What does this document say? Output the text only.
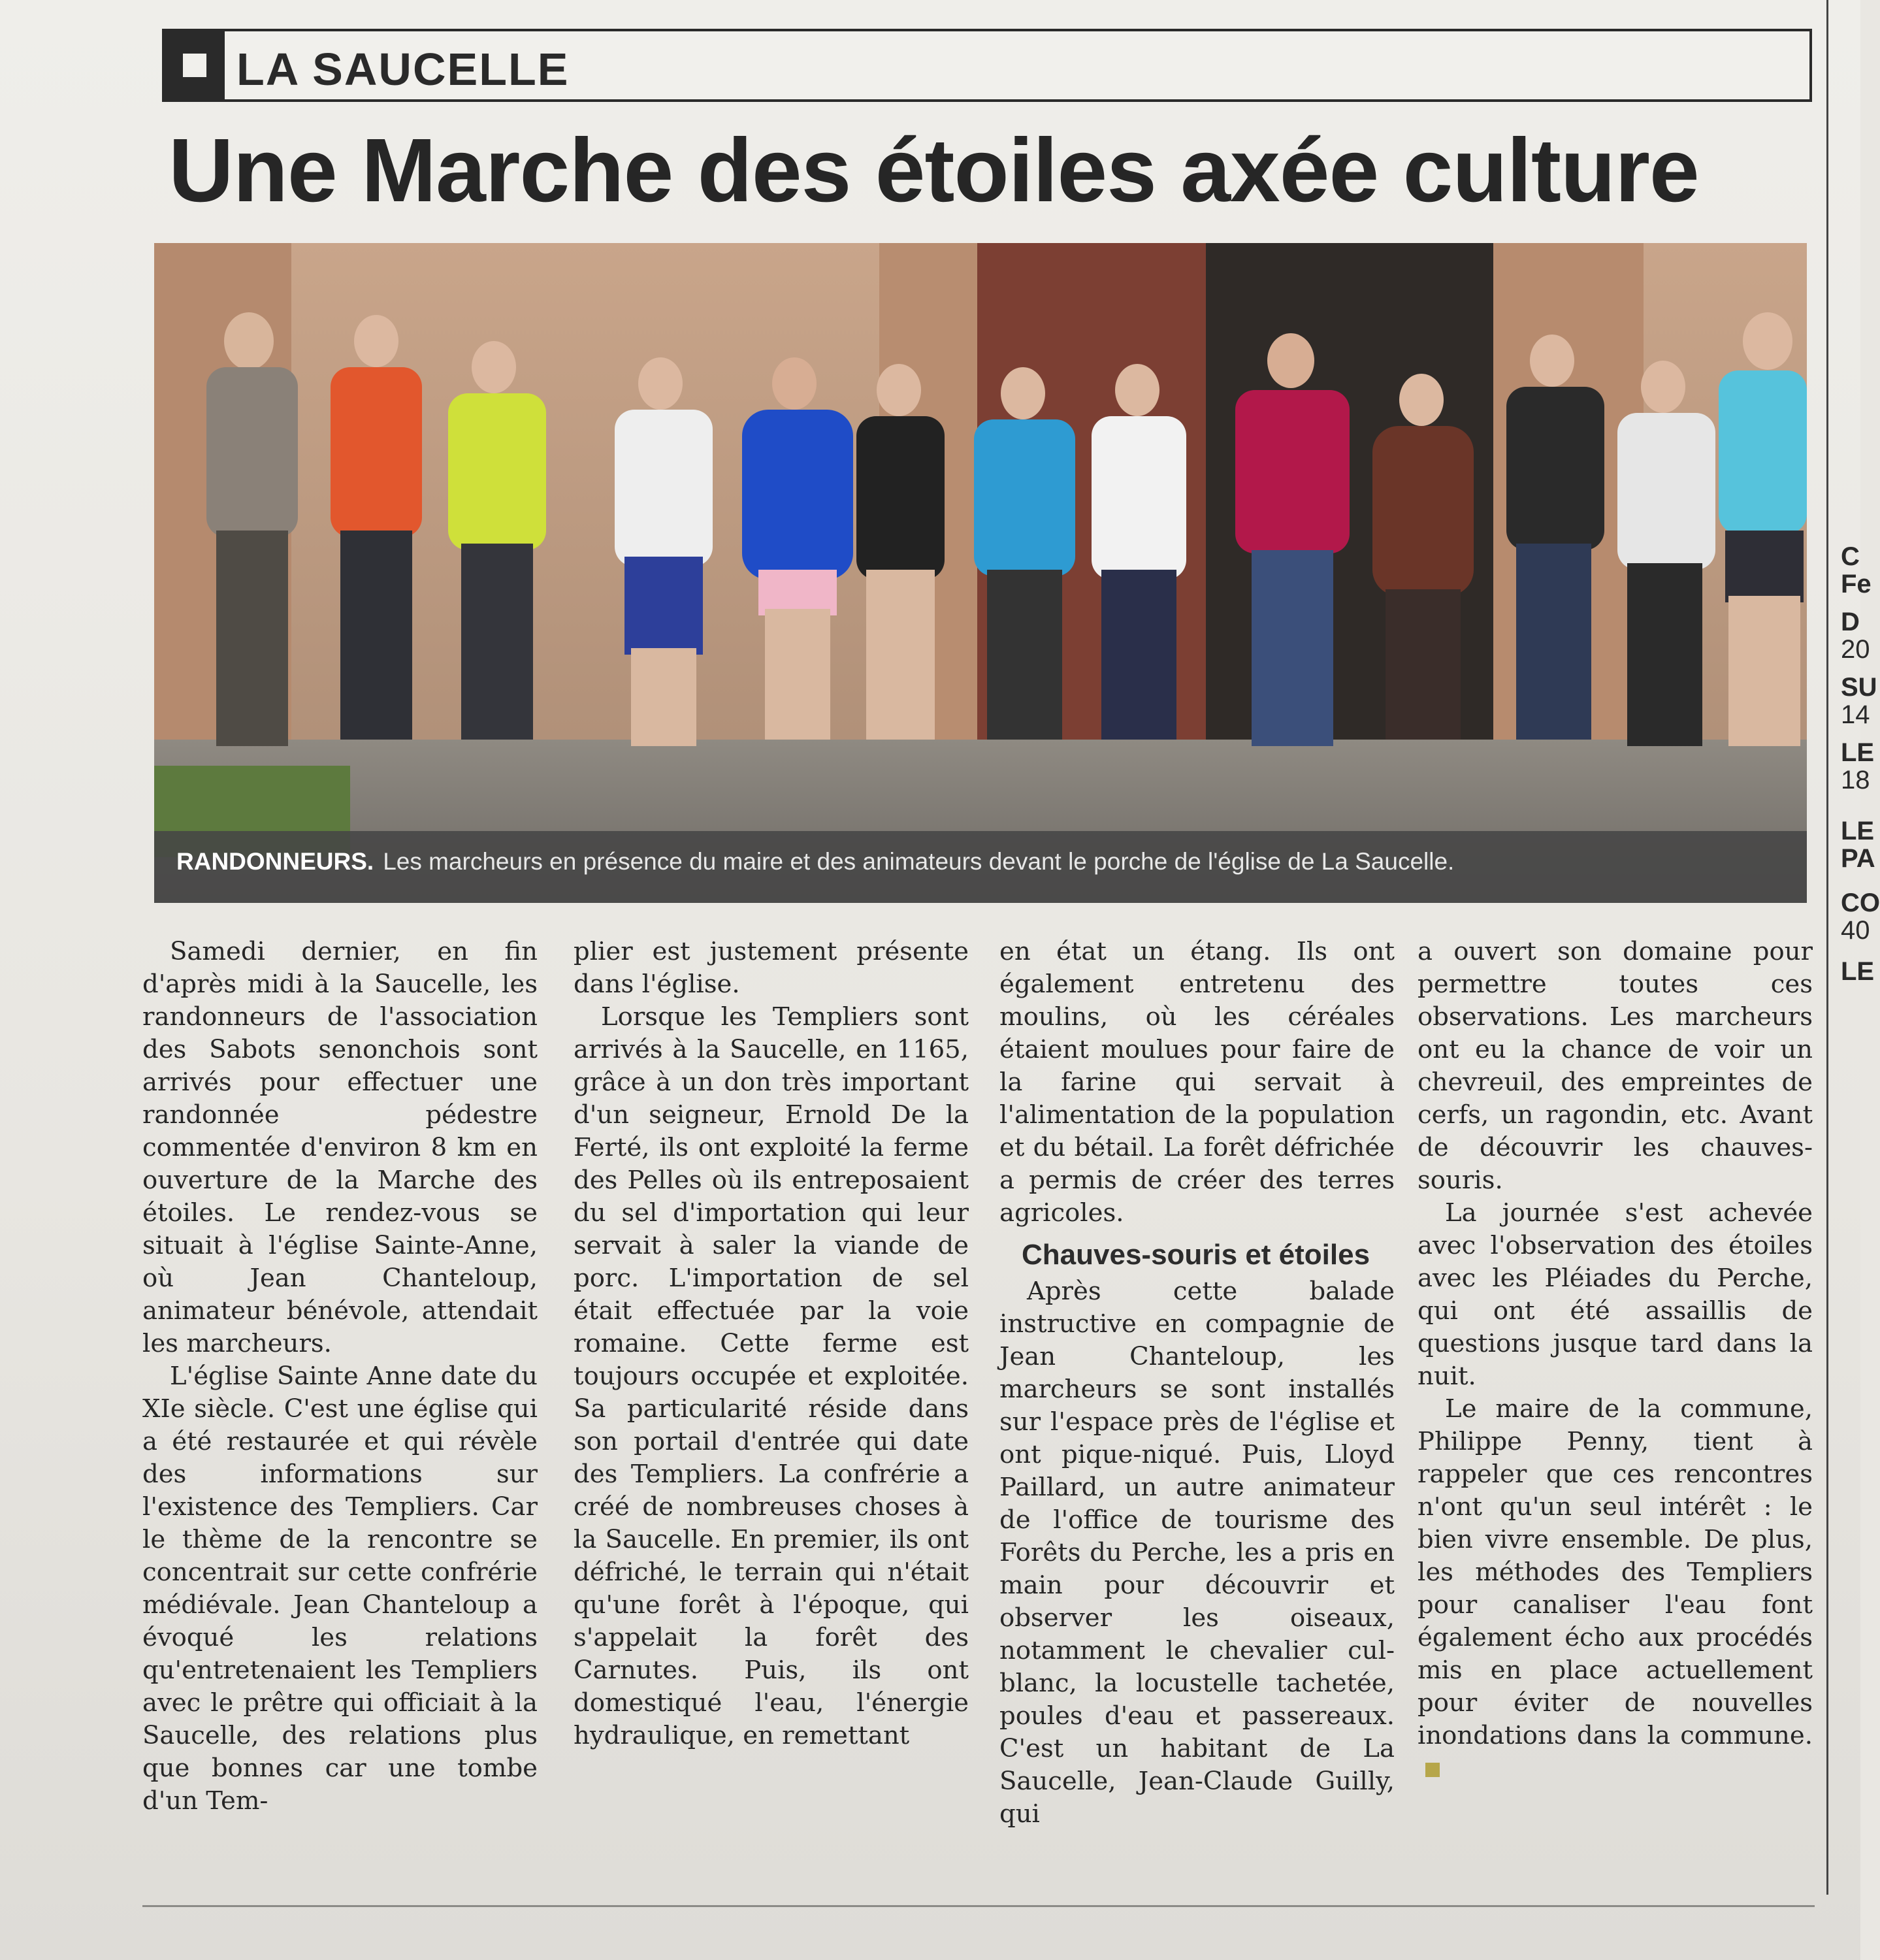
LA SAUCELLE
Une Marche des étoiles axée culture
RANDONNEURS. Les marcheurs en présence du maire et des animateurs devant le porche de l'église de La Saucelle.

Samedi dernier, en fin d'après midi à la Saucelle, les randonneurs de l'association des Sabots senonchois sont arrivés pour effectuer une randonnée pédestre commentée d'environ 8 km en ouverture de la Marche des étoiles. Le rendez-vous se situait à l'église Sainte-Anne, où Jean Chanteloup, animateur bénévole, attendait les marcheurs.

L'église Sainte Anne date du XIe siècle. C'est une église qui a été restaurée et qui révèle des informations sur l'existence des Templiers. Car le thème de la rencontre se concentrait sur cette confrérie médiévale. Jean Chanteloup a évoqué les relations qu'entretenaient les Templiers avec le prêtre qui officiait à la Saucelle, des relations plus que bonnes car une tombe d'un Tem-

plier est justement présente dans l'église.

Lorsque les Templiers sont arrivés à la Saucelle, en 1165, grâce à un don très important d'un seigneur, Ernold De la Ferté, ils ont exploité la ferme des Pelles où ils entreposaient du sel d'importation qui leur servait à saler la viande de porc. L'importation de sel était effectuée par la voie romaine. Cette ferme est toujours occupée et exploitée. Sa particularité réside dans son portail d'entrée qui date des Templiers. La confrérie a créé de nombreuses choses à la Saucelle. En premier, ils ont défriché, le terrain qui n'était qu'une forêt à l'époque, qui s'appelait la forêt des Carnutes. Puis, ils ont domestiqué l'eau, l'énergie hydraulique, en remettant

en état un étang. Ils ont également entretenu des moulins, où les céréales étaient moulues pour faire de la farine qui servait à l'alimentation de la population et du bétail. La forêt défrichée a permis de créer des terres agricoles.

Chauves-souris et étoiles

Après cette balade instructive en compagnie de Jean Chanteloup, les marcheurs se sont installés sur l'espace près de l'église et ont pique-niqué. Puis, Lloyd Paillard, un autre animateur de l'office de tourisme des Forêts du Perche, les a pris en main pour découvrir et observer les oiseaux, notamment le chevalier cul-blanc, la locustelle tachetée, poules d'eau et passereaux. C'est un habitant de La Saucelle, Jean-Claude Guilly, qui

a ouvert son domaine pour permettre toutes ces observations. Les marcheurs ont eu la chance de voir un chevreuil, des empreintes de cerfs, un ragondin, etc. Avant de découvrir les chauves-souris.

La journée s'est achevée avec l'observation des étoiles avec les Pléiades du Perche, qui ont été assaillis de questions jusque tard dans la nuit.

Le maire de la commune, Philippe Penny, tient à rappeler que ces rencontres n'ont qu'un seul intérêt : le bien vivre ensemble. De plus, les méthodes des Templiers pour canaliser l'eau font également écho aux procédés mis en place actuellement pour éviter de nouvelles inondations dans la commune.

C
Fe
D
20
SU
14
LE
18
LE
PA
CO
40
LE
